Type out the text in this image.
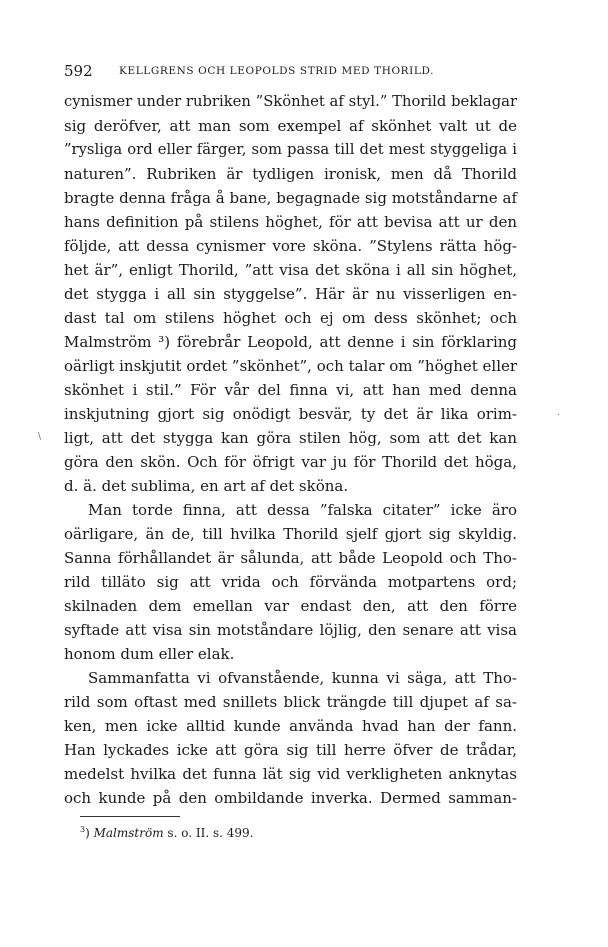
592	KELLGRENS OCH LEOPOLDS STRID MED THORILD.
cynismer under rubriken ”Skönhet af styl.” Thorild beklagar
sig deröfver, att man som exempel af skönhet valt ut de
”rysliga ord eller färger, som passa till det mest styggeliga i
naturen”. Rubriken är tydligen ironisk, men då Thorild
bragte denna fråga å bane, begagnade sig motståndarne af
hans definition på stilens höghet, för att bevisa att ur den
följde, att dessa cynismer vore sköna. ”Stylens rätta hög-
het är”, enligt Thorild, ”att visa det sköna i all sin höghet,
det stygga i all sin styggelse”. Här är nu visserligen en-
dast tal om stilens höghet och ej om dess skönhet; och
Malmström ³) förebrår Leopold, att denne i sin förklaring
oärligt inskjutit ordet ”skönhet”, och talar om ”höghet eller
skönhet i stil.” För vår del finna vi, att han med denna
inskjutning gjort sig onödigt besvär, ty det är lika orim-
ligt, att det stygga kan göra stilen hög, som att det kan
göra den skön. Och för öfrigt var ju för Thorild det höga,
d. ä. det sublima, en art af det sköna.
Man torde finna, att dessa ”falska citater” icke äro
oärligare, än de, till hvilka Thorild sjelf gjort sig skyldig.
Sanna förhållandet är sålunda, att både Leopold och Tho-
rild tilläto sig att vrida och förvända motpartens ord;
skilnaden dem emellan var endast den, att den förre
syftade att visa sin motståndare löjlig, den senare att visa
honom dum eller elak.
Sammanfatta vi ofvanstående, kunna vi säga, att Tho-
rild som oftast med snillets blick trängde till djupet af sa-
ken, men icke alltid kunde använda hvad han der fann.
Han lyckades icke att göra sig till herre öfver de trådar,
medelst hvilka det funna lät sig vid verkligheten anknytas
och kunde på den ombildande inverka. Dermed samman-
$^3$) Malmström s. o. II. s. 499.
\
.
